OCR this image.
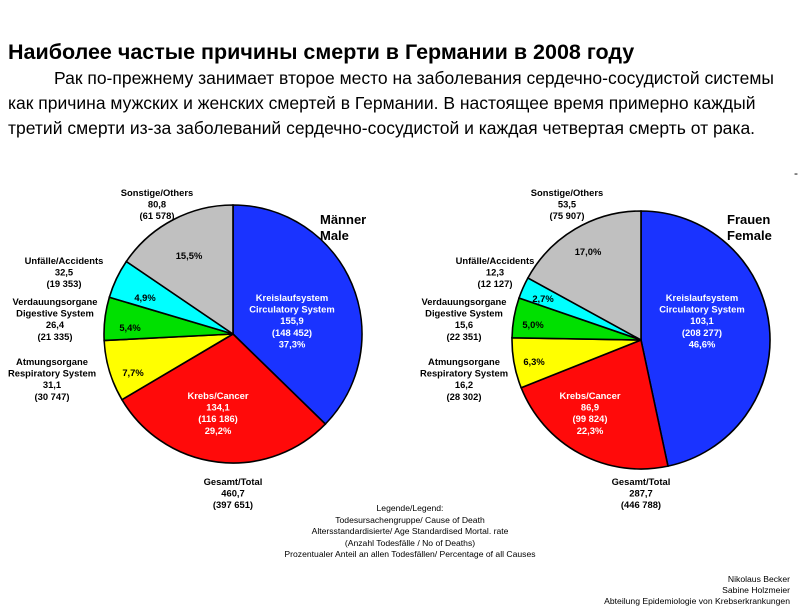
Наиболее частые причины смерти в Германии в 2008 году
Рак по-прежнему занимает второе место на заболевания сердечно-сосудистой системы как причина мужских и женских смертей в Германии. В настоящее время примерно каждый третий смерти из-за заболеваний сердечно-сосудистой и каждая четвертая смерть от рака.
-
Männer Male
Gesamt/Total 460,7 (397 651)
Kreislaufsystem Circulatory System 155,9 (148 452) 37,3%
Krebs/Cancer 134,1 (116 186) 29,2%
7,7%
Atmungsorgane Respiratory System 31,1 (30 747)
5,4%
Verdauungsorgane Digestive System 26,4 (21 335)
4,9%
Unfälle/Accidents 32,5 (19 353)
15,5%
Sonstige/Others 80,8 (61 578)	Frauen Female
Gesamt/Total 287,7 (446 788)
Kreislaufsystem Circulatory System 103,1 (208 277) 46,6%
Krebs/Cancer 86,9 (99 824) 22,3%
6,3%
Atmungsorgane Respiratory System 16,2 (28 302)
5,0%
Verdauungsorgane Digestive System 15,6 (22 351)
2,7%
Unfälle/Accidents 12,3 (12 127)
17,0%
Sonstige/Others 53,5 (75 907)
Legende/Legend:
Todesursachengruppe/ Cause of Death
Altersstandardisierte/ Age Standardised Mortal. rate
(Anzahl Todesfälle / No of Deaths)
Prozentualer Anteil an allen Todesfällen/ Percentage of all Causes
Nikolaus Becker
Sabine Holzmeier
Abteilung Epidemiologie von Krebserkrankungen
